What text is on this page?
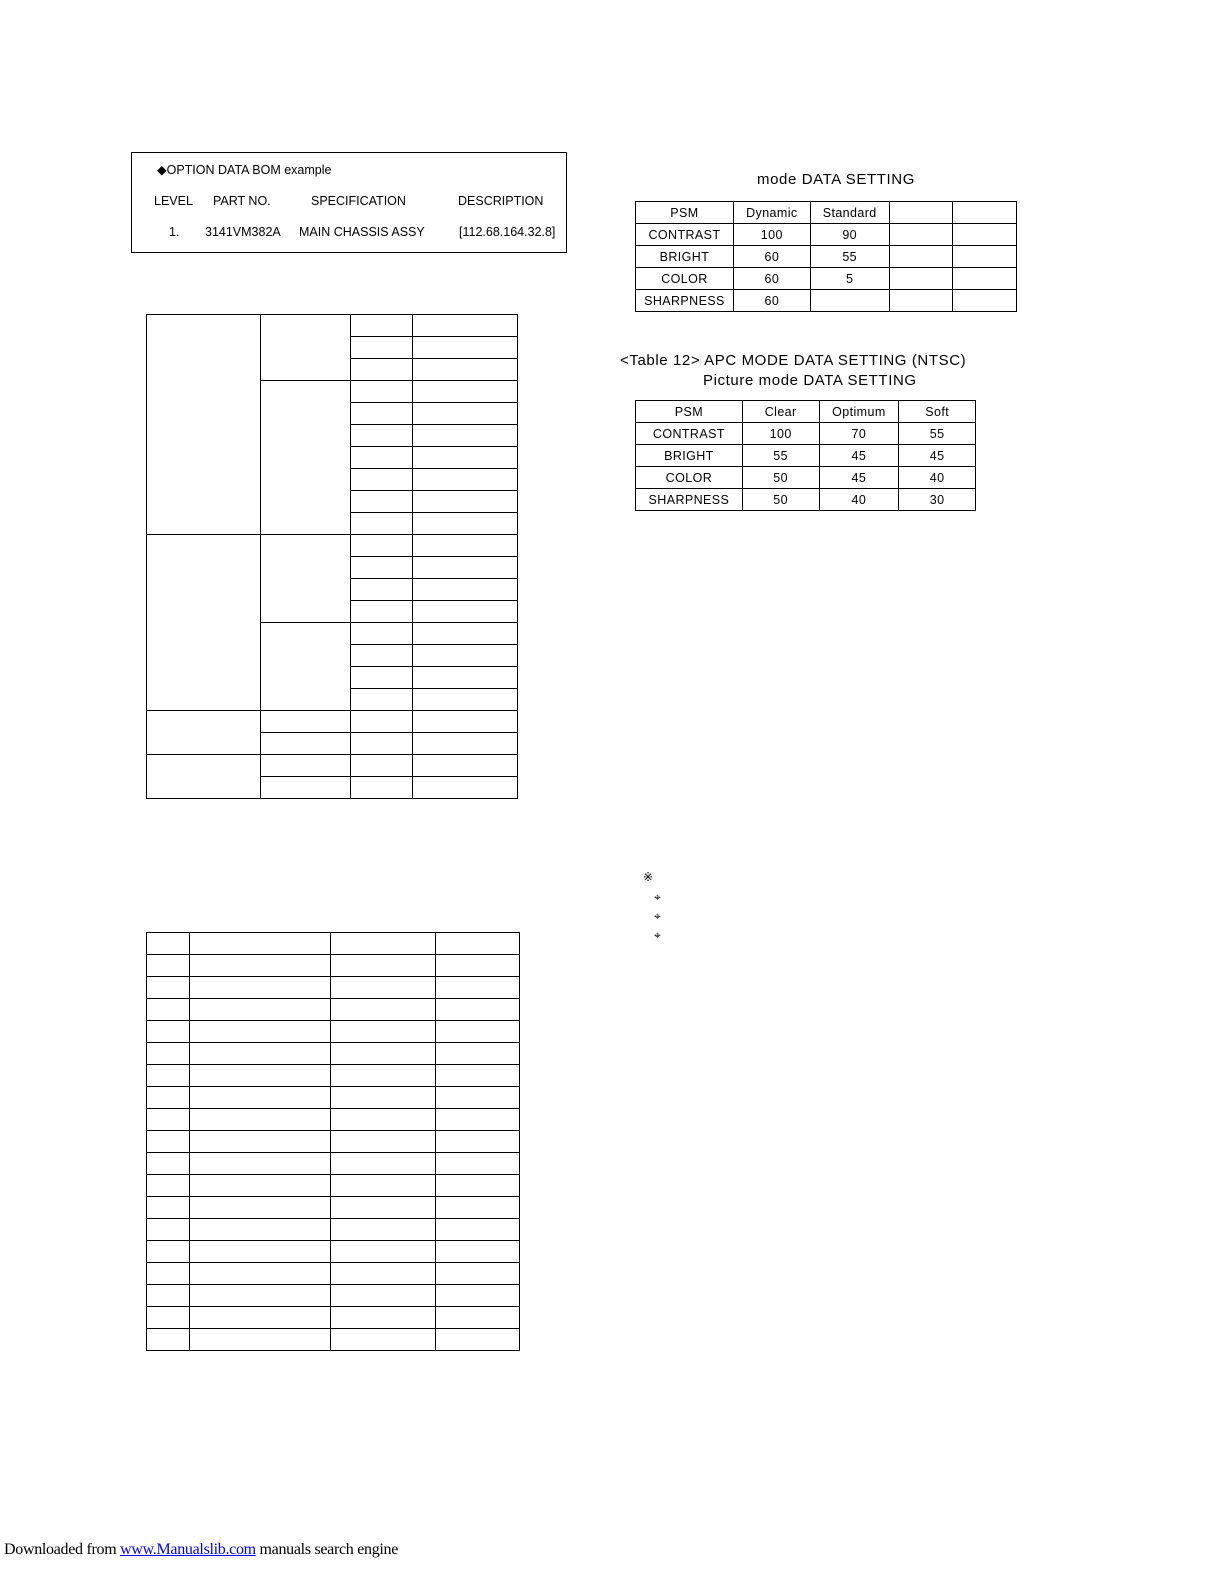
◆OPTION DATA BOM example
LEVEL PART NO.	SPECIFICATION	DESCRIPTION
1. 3141VM382A MAIN CHASSIS ASSY	[112.68.164.32.8]

mode DATA SETTING
PSM	Dynamic	Standard		
CONTRAST	100	90		
BRIGHT	60	55		
COLOR	60	5		
SHARPNESS	60			
<Table 12> APC MODE DATA SETTING (NTSC)
Picture mode DATA SETTING
PSM	Clear	Optimum	Soft
CONTRAST	100	70	55
BRIGHT	55	45	45
COLOR	50	45	40
SHARPNESS	50	40	30
※
⌖
⌖
⌖
Downloaded from www.Manualslib.com manuals search engine
